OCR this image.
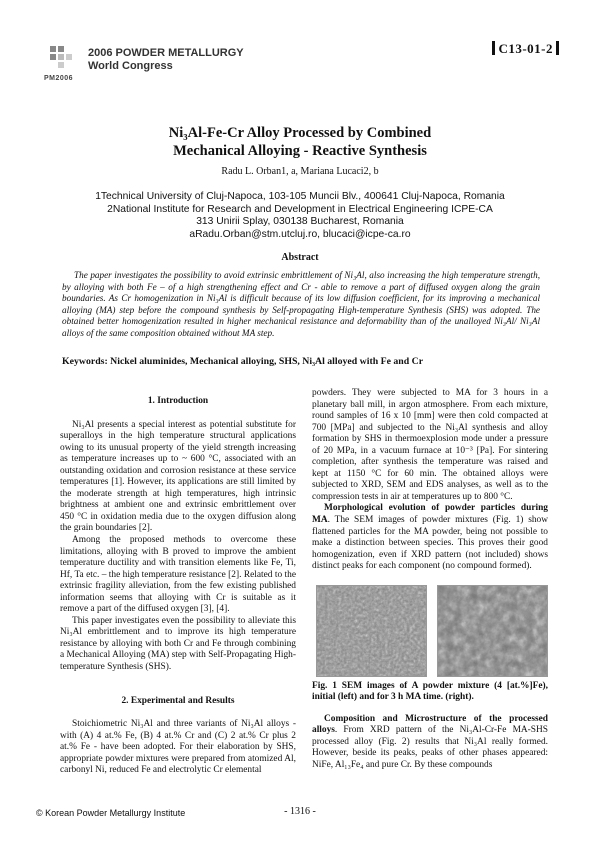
2006 POWDER METALLURGY
World Congress
PM2006
C13-01-2
Ni₃Al-Fe-Cr Alloy Processed by Combined
Mechanical Alloying - Reactive Synthesis
Radu L. Orban1, a, Mariana Lucaci2, b
1Technical University of Cluj-Napoca, 103-105 Muncii Blv., 400641 Cluj-Napoca, Romania
2National Institute for Research and Development in Electrical Engineering ICPE-CA
313 Unirii Splay, 030138 Bucharest, Romania
aRadu.Orban@stm.utcluj.ro, blucaci@icpe-ca.ro
Abstract
The paper investigates the possibility to avoid extrinsic embrittlement of Ni₃Al, also increasing the high temperature strength, by alloying with both Fe – of a high strengthening effect and Cr - able to remove a part of diffused oxygen along the grain boundaries. As Cr homogenization in Ni₃Al is difficult because of its low diffusion coefficient, for its improving a mechanical alloying (MA) step before the compound synthesis by Self-propagating High-temperature Synthesis (SHS) was adopted. The obtained better homogenization resulted in higher mechanical resistance and deformability than of the unalloyed Ni₃Al/ Ni₃Al alloys of the same composition obtained without MA step.
Keywords: Nickel aluminides, Mechanical alloying, SHS, Ni₃Al alloyed with Fe and Cr
1. Introduction

Ni₃Al presents a special interest as potential substitute for superalloys in the high temperature structural applications owing to its unusual property of the yield strength increasing as temperature increases up to ~ 600 °C, associated with an outstanding oxidation and corrosion resistance at these service temperatures [1]. However, its applications are still limited by the moderate strength at high temperatures, high intrinsic brightness at ambient one and extrinsic embrittlement over 450 °C in oxidation media due to the oxygen diffusion along the grain boundaries [2].

Among the proposed methods to overcome these limitations, alloying with B proved to improve the ambient temperature ductility and with transition elements like Fe, Ti, Hf, Ta etc. – the high temperature resistance [2]. Related to the extrinsic fragility alleviation, from the few existing published information seems that alloying with Cr is suitable as it remove a part of the diffused oxygen [3], [4].

This paper investigates even the possibility to alleviate this Ni₃Al embrittlement and to improve its high temperature resistance by alloying with both Cr and Fe through combining a Mechanical Alloying (MA) step with Self-Propagating High-temperature Synthesis (SHS).

2. Experimental and Results

Stoichiometric Ni₃Al and three variants of Ni₃Al alloys - with (A) 4 at.% Fe, (B) 4 at.% Cr and (C) 2 at.% Cr plus 2 at.% Fe - have been adopted. For their elaboration by SHS, appropriate powder mixtures were prepared from atomized Al, carbonyl Ni, reduced Fe and electrolytic Cr elemental

powders. They were subjected to MA for 3 hours in a planetary ball mill, in argon atmosphere. From each mixture, round samples of 16 x 10 [mm] were then cold compacted at 700 [MPa] and subjected to the Ni₃Al synthesis and alloy formation by SHS in thermoexplosion mode under a pressure of 20 MPa, in a vacuum furnace at 10⁻³ [Pa]. For sintering completion, after synthesis the temperature was raised and kept at 1150 °C for 60 min. The obtained alloys were subjected to XRD, SEM and EDS analyses, as well as to the compression tests in air at temperatures up to 800 °C.

Morphological evolution of powder particles during MA. The SEM images of powder mixtures (Fig. 1) show flattened particles for the MA powder, being not possible to make a distinction between species. This proves their good homogenization, even if XRD pattern (not included) shows distinct peaks for each component (no compound formed).

Fig. 1 SEM images of A powder mixture (4 [at.%]Fe), initial (left) and for 3 h MA time. (right).

Composition and Microstructure of the processed alloys. From XRD pattern of the Ni₃Al-Cr-Fe MA-SHS processed alloy (Fig. 2) results that Ni₃Al really formed. However, beside its peaks, peaks of other phases appeared: NiFe, Al₁₃Fe₄ and pure Cr. By these compounds

© Korean Powder Metallurgy Institute	- 1316 -
